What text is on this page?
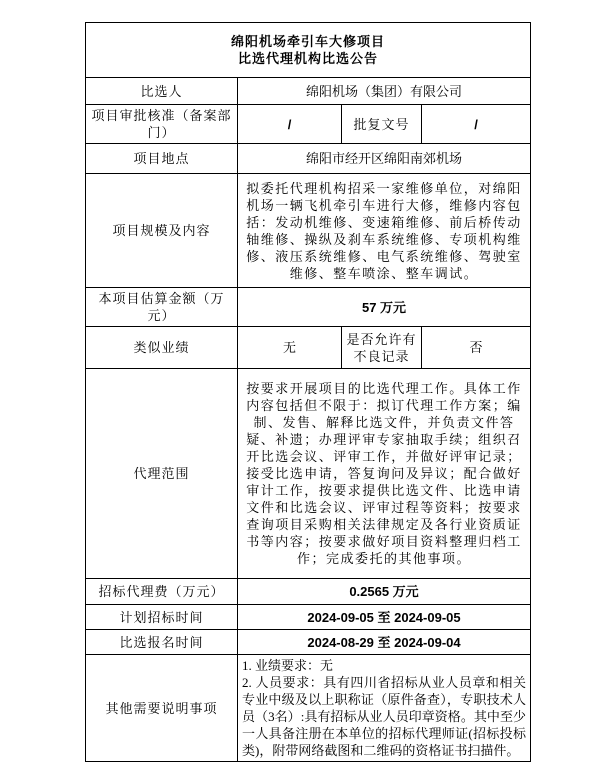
绵阳机场牵引车大修项目
比选代理机构比选公告			

比选人	绵阳机场（集团）有限公司		
项目审批核准（备案部门）	/	批复文号	/
项目地点	绵阳市经开区绵阳南郊机场		
项目规模及内容	拟委托代理机构招采一家维修单位，对绵阳机场一辆飞机牵引车进行大修，维修内容包括：发动机维修、变速箱维修、前后桥传动轴维修、操纵及刹车系统维修、专项机构维修、液压系统维修、电气系统维修、驾驶室维修、整车喷涂、整车调试。		
本项目估算金额（万元）	57 万元		
类似业绩	无	是否允许有不良记录	否
代理范围	按要求开展项目的比选代理工作。具体工作内容包括但不限于：拟订代理工作方案；编制、发售、解释比选文件，并负责文件答疑、补遗；办理评审专家抽取手续；组织召开比选会议、评审工作，并做好评审记录；接受比选申请，答复询问及异议；配合做好审计工作，按要求提供比选文件、比选申请文件和比选会议、评审过程等资料；按要求查询项目采购相关法律规定及各行业资质证书等内容；按要求做好项目资料整理归档工作；完成委托的其他事项。		
招标代理费（万元）	0.2565 万元		
计划招标时间	2024-09-05 至 2024-09-05		
比选报名时间	2024-08-29 至 2024-09-04		
其他需要说明事项	1. 业绩要求：无
2. 人员要求：具有四川省招标从业人员章和相关专业中级及以上职称证（原件备查），专职技术人员（3名）:具有招标从业人员印章资格。其中至少一人具备注册在本单位的招标代理师证(招标投标类)，附带网络截图和二维码的资格证书扫描件。		
